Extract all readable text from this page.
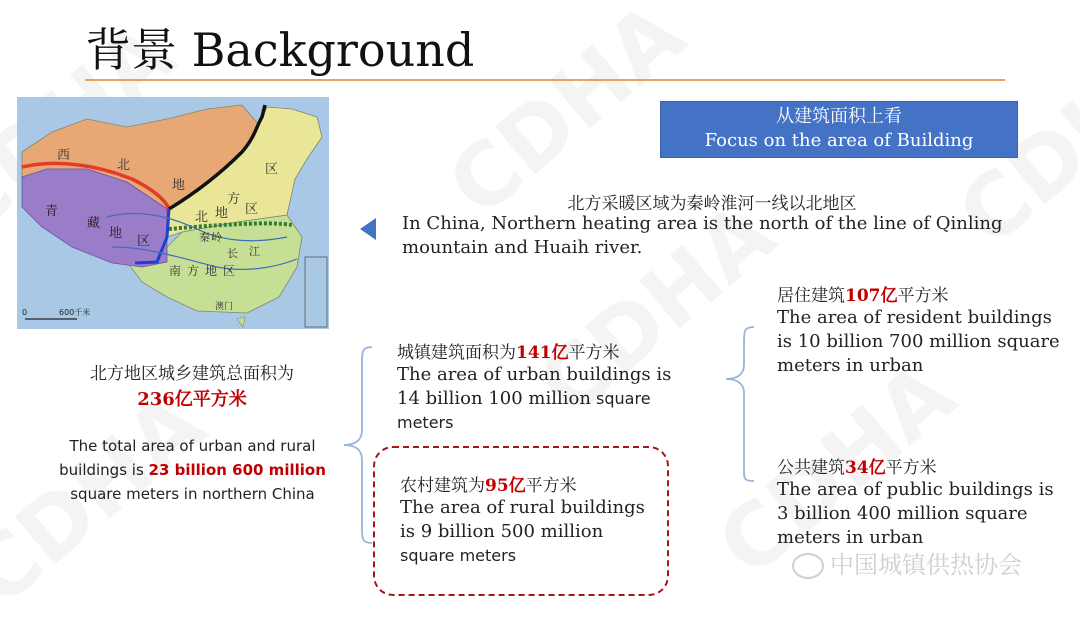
背景 Background
从建筑面积上看
Focus on the area of Building
西
北
地
区
青
藏
地
区
北
方
地 区
秦 岭
长 江
南 方 地 区
澳门
0	600千米
北方采暖区域为秦岭淮河一线以北地区
In China, Northern heating area is the north of the line of Qinling mountain and Huaih river.
北方地区城乡建筑总面积为
236亿平方米
The total area of urban and rural buildings is 23 billion 600 million square meters in northern China
城镇建筑面积为141亿平方米
The area of urban buildings is 14 billion 100 million square meters
农村建筑为95亿平方米
The area of rural buildings is 9 billion 500 million square meters
居住建筑107亿平方米
The area of resident buildings is 10 billion 700 million square meters in urban
公共建筑34亿平方米
The area of public buildings is 3 billion 400 million square meters in urban
中国城镇供热协会
